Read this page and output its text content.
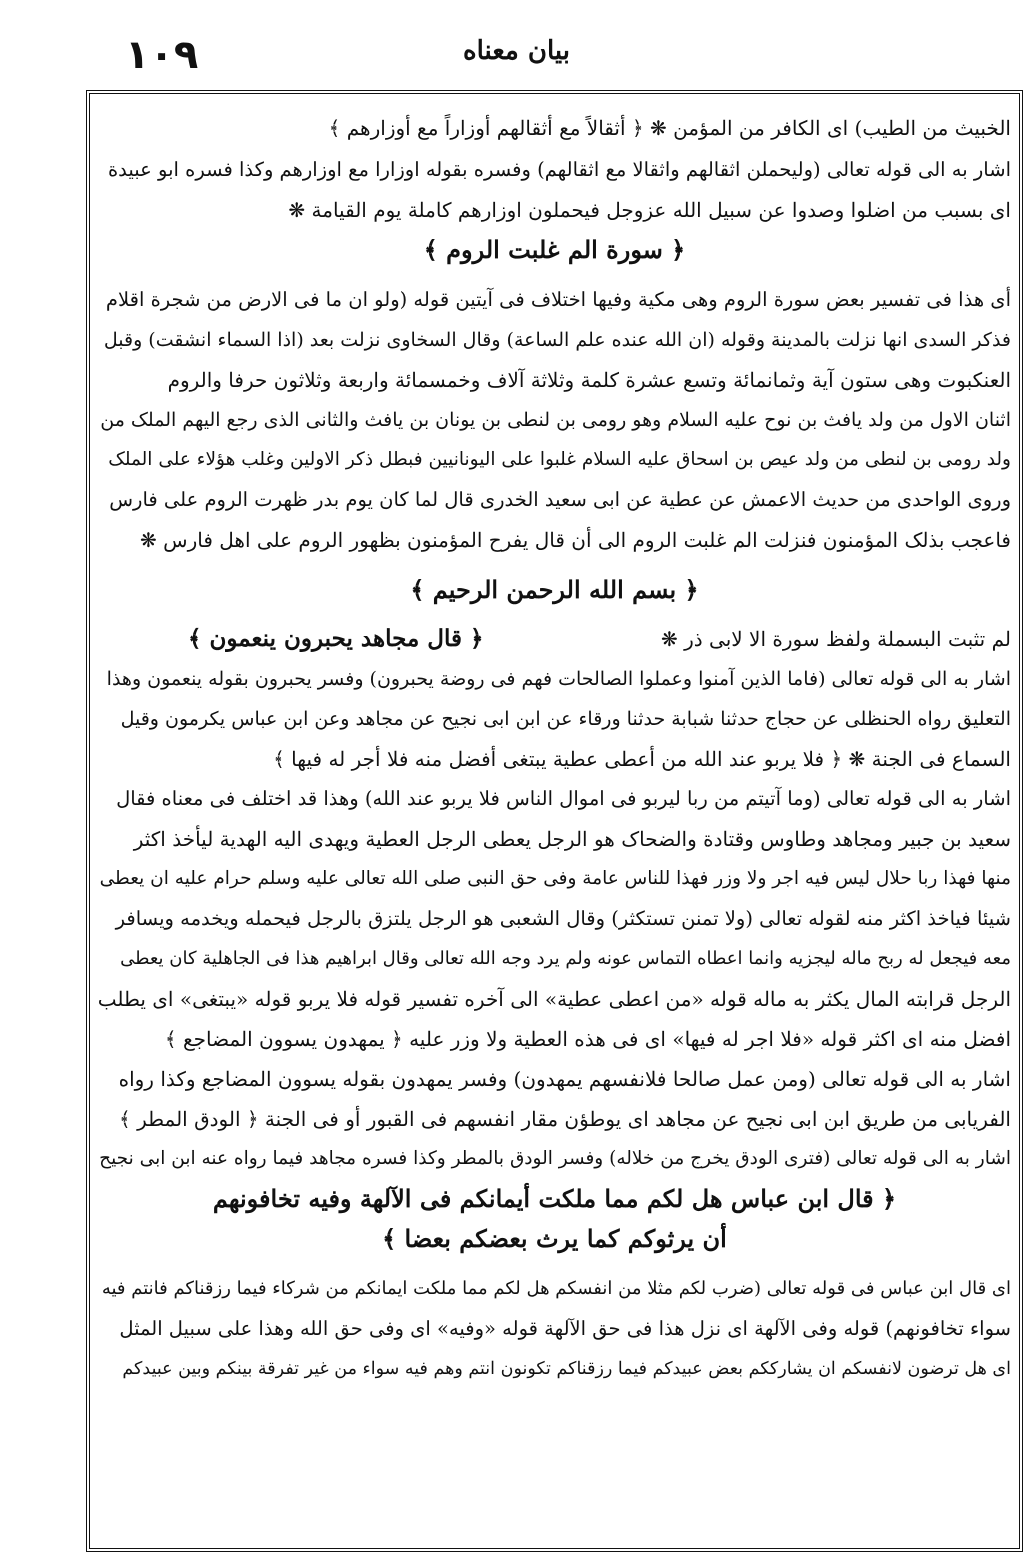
۱۰۹	بیان معناه
الخبیث من الطیب) ای الکافر من المؤمن ❋ ﴿ أثقالاً مع أثقالهم أوزاراً مع أوزارهم ﴾
اشار به الی قوله تعالی (ولیحملن اثقالهم واثقالا مع اثقالهم) وفسره بقوله اوزارا مع اوزارهم وکذا فسره ابو عبیدة
ای بسبب من اضلوا وصدوا عن سبیل الله عزوجل فیحملون اوزارهم کاملة یوم القیامة ❋
﴿ سورة الم غلبت الروم ﴾
أی هذا فی تفسیر بعض سورة الروم وهی مکیة وفیها اختلاف فی آیتین قوله (ولو ان ما فی الارض من شجرة اقلام
فذکر السدی انها نزلت بالمدینة وقوله (ان الله عنده علم الساعة) وقال السخاوی نزلت بعد (اذا السماء انشقت) وقبل
العنکبوت وهی ستون آیة وثمانمائة وتسع عشرة کلمة وثلاثة آلاف وخمسمائة واربعة وثلاثون حرفا والروم
اثنان الاول من ولد یافث بن نوح علیه السلام وهو رومی بن لنطی بن یونان بن یافث والثانی الذی رجع الیهم الملک من
ولد رومی بن لنطی من ولد عیص بن اسحاق علیه السلام غلبوا علی الیونانیین فبطل ذکر الاولین وغلب هؤلاء علی الملک
وروی الواحدی من حدیث الاعمش عن عطیة عن ابی سعید الخدری قال لما کان یوم بدر ظهرت الروم علی فارس
فاعجب بذلک المؤمنون فنزلت الم غلبت الروم الی أن قال یفرح المؤمنون بظهور الروم علی اهل فارس ❋
﴿ بسم الله الرحمن الرحیم ﴾
لم تثبت البسملة ولفظ سورة الا لابی ذر ❋
﴿ قال مجاهد یحبرون ینعمون ﴾
اشار به الی قوله تعالی (فاما الذین آمنوا وعملوا الصالحات فهم فی روضة یحبرون) وفسر یحبرون بقوله ینعمون وهذا
التعلیق رواه الحنظلی عن حجاج حدثنا شبابة حدثنا ورقاء عن ابن ابی نجیح عن مجاهد وعن ابن عباس یکرمون وقیل
السماع فی الجنة ❋ ﴿ فلا یربو عند الله من أعطی عطیة یبتغی أفضل منه فلا أجر له فیها ﴾
اشار به الی قوله تعالی (وما آتیتم من ربا لیربو فی اموال الناس فلا یربو عند الله) وهذا قد اختلف فی معناه فقال
سعید بن جبیر ومجاهد وطاوس وقتادة والضحاک هو الرجل یعطی الرجل العطیة ویهدی الیه الهدیة لیأخذ اکثر
منها فهذا ربا حلال لیس فیه اجر ولا وزر فهذا للناس عامة وفی حق النبی صلی الله تعالی علیه وسلم حرام علیه ان یعطی
شیئا فیاخذ اکثر منه لقوله تعالی (ولا تمنن تستکثر) وقال الشعبی هو الرجل یلتزق بالرجل فیحمله ویخدمه ویسافر
معه فیجعل له ربح ماله لیجزیه وانما اعطاه التماس عونه ولم یرد وجه الله تعالی وقال ابراهیم هذا فی الجاهلیة کان یعطی
الرجل قرابته المال یکثر به ماله قوله «من اعطی عطیة» الی آخره تفسیر قوله فلا یربو قوله «یبتغی» ای یطلب
افضل منه ای اکثر قوله «فلا اجر له فیها» ای فی هذه العطیة ولا وزر علیه ﴿ یمهدون یسوون المضاجع ﴾
اشار به الی قوله تعالی (ومن عمل صالحا فلانفسهم یمهدون) وفسر یمهدون بقوله یسوون المضاجع وکذا رواه
الفریابی من طریق ابن ابی نجیح عن مجاهد ای یوطؤن مقار انفسهم فی القبور أو فی الجنة ﴿ الودق المطر ﴾
اشار به الی قوله تعالی (فتری الودق یخرج من خلاله) وفسر الودق بالمطر وکذا فسره مجاهد فیما رواه عنه ابن ابی نجیح
﴿ قال ابن عباس هل لکم مما ملکت أیمانکم فی الآلهة وفیه تخافونهم
أن یرثوکم کما یرث بعضکم بعضا ﴾
ای قال ابن عباس فی قوله تعالی (ضرب لکم مثلا من انفسکم هل لکم مما ملکت ایمانکم من شرکاء فیما رزقناکم فانتم فیه
سواء تخافونهم) قوله وفی الآلهة ای نزل هذا فی حق الآلهة قوله «وفیه» ای وفی حق الله وهذا علی سبیل المثل
ای هل ترضون لانفسکم ان یشارککم بعض عبیدکم فیما رزقناکم تکونون انتم وهم فیه سواء من غیر تفرقة بینکم وبین عبیدکم
